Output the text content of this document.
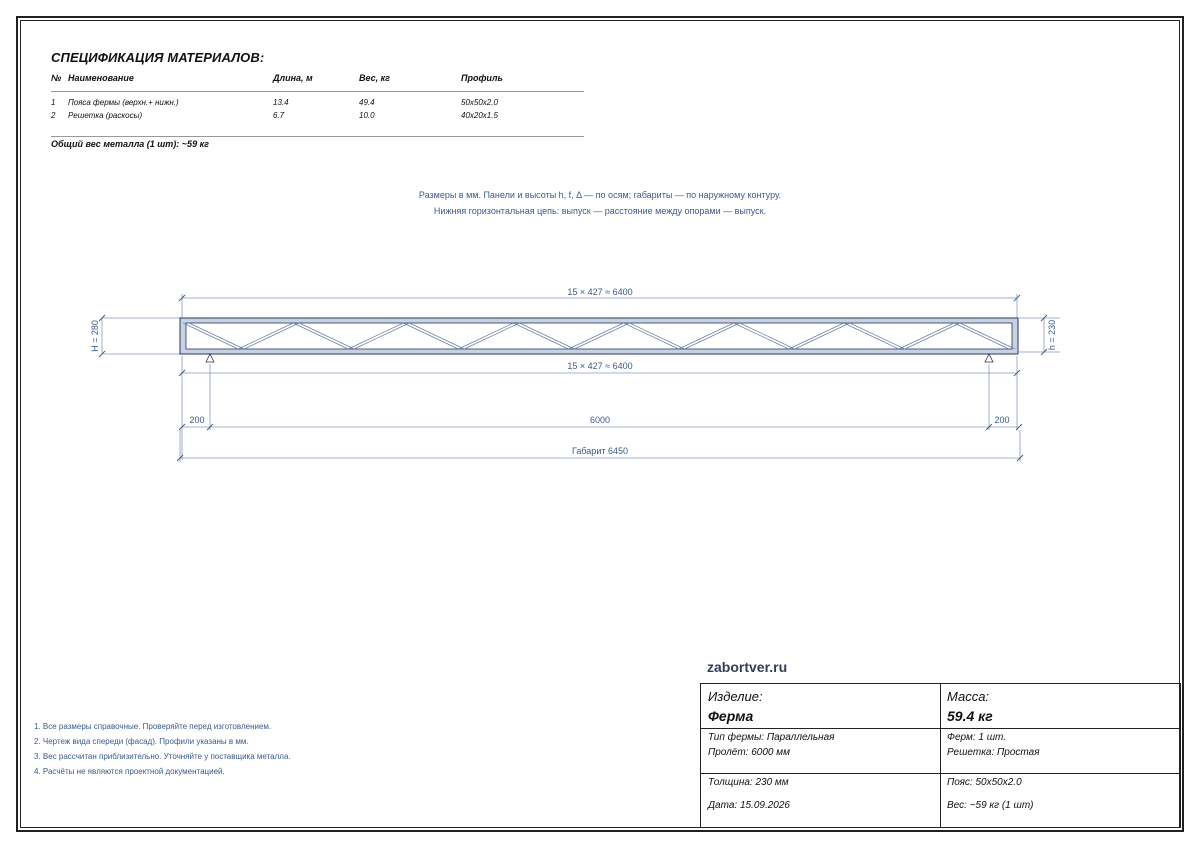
СПЕЦИФИКАЦИЯ МАТЕРИАЛОВ:
№ Наименование	Длина, м	Вес, кг	Профиль
1 Пояса фермы (верхн.+ нижн.)	13.4	49.4	50x50x2.0
2 Решетка (раскосы)	6.7	10.0	40x20x1.5
Общий вес металла (1 шт): ~59 кг
Размеры в мм. Панели и высоты h, f, Δ — по осям; габариты — по наружному контуру.
Нижняя горизонтальная цепь: выпуск — расстояние между опорами — выпуск.
15 × 427 ≈ 6400
15 × 427 ≈ 6400
200	6000	200
Габарит 6450
H = 280	h = 230
1. Все размеры справочные. Проверяйте перед изготовлением.
2. Чертеж вида спереди (фасад). Профили указаны в мм.
3. Вес рассчитан приблизительно. Уточняйте у поставщика металла.
4. Расчёты не являются проектной документацией.
zabortver.ru
Изделие:
Ферма
Масса:
59.4 кг
Тип фермы: Параллельная
Пролёт: 6000 мм
Ферм: 1 шт.
Решетка: Простая
Толщина: 230 мм
Дата: 15.09.2026
Пояс: 50x50x2.0
Вес: ~59 кг (1 шт)
